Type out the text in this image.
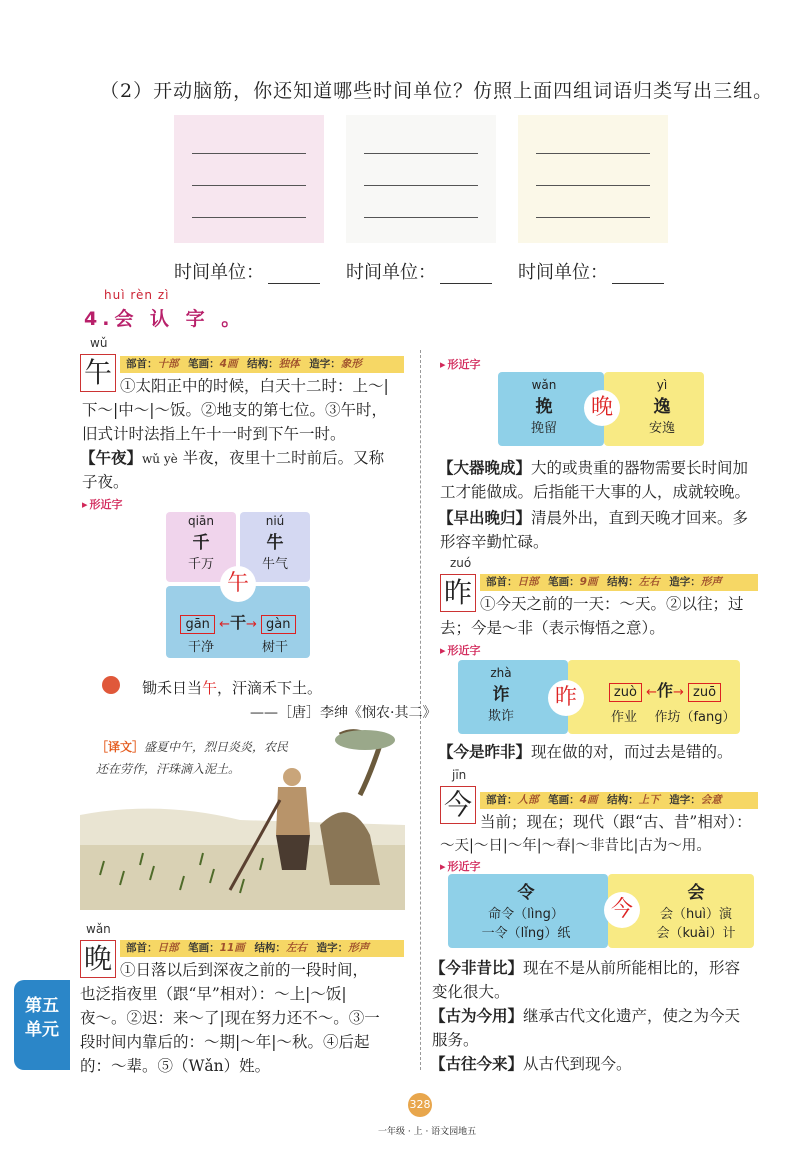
（2）开动脑筋，你还知道哪些时间单位？仿照上面四组词语归类写出三组。
时间单位：	时间单位：	时间单位：
huì rèn zì
4.会 认 字 。
wǔ
午	部首：十部 笔画：4画 结构：独体 造字：象形
①太阳正中的时候，白天十二时：上～|
下～|中～|～饭。②地支的第七位。③午时，
旧式计时法指上午十一时到下午一时。
【午夜】wǔ yè 半夜，夜里十二时前后。又称
子夜。
▸ 形近字
qiān
千
千万
niú
牛
牛气
午
gān ←干→ gàn
干净	树干
锄禾日当午，汗滴禾下土。
——［唐］李绅《悯农·其二》
［译文］盛夏中午，烈日炎炎，农民
还在劳作，汗珠滴入泥土。
wǎn
晚	部首：日部 笔画：11画 结构：左右 造字：形声
①日落以后到深夜之前的一段时间，
也泛指夜里（跟“早”相对）：～上|～饭|
夜～。②迟：来～了|现在努力还不～。③一
段时间内靠后的：～期|～年|～秋。④后起
的：～辈。⑤（Wǎn）姓。
第五
单元
▸ 形近字
wǎn
挽
挽留
晚
yì
逸
安逸
【大器晚成】大的或贵重的器物需要长时间加
工才能做成。后指能干大事的人，成就较晚。
【早出晚归】清晨外出，直到天晚才回来。多
形容辛勤忙碌。
zuó
昨	部首：日部 笔画：9画 结构：左右 造字：形声
①今天之前的一天：～天。②以往；过
去；今是～非（表示悔悟之意）。
▸ 形近字
zhà
诈
欺诈
昨	zuò ←作→ zuō
作业	作坊（fang）
【今是昨非】现在做的对，而过去是错的。
jīn
今	部首：人部 笔画：4画 结构：上下 造字：会意
当前；现在；现代（跟“古、昔”相对）：
～天|～日|～年|～春|～非昔比|古为～用。
▸ 形近字
令
命令（lìng）
一令（lǐng）纸
今
会
会（huì）演
会（kuài）计
【今非昔比】现在不是从前所能相比的，形容
变化很大。
【古为今用】继承古代文化遗产，使之为今天
服务。
【古往今来】从古代到现今。
328
一年级 · 上 · 语文园地五
